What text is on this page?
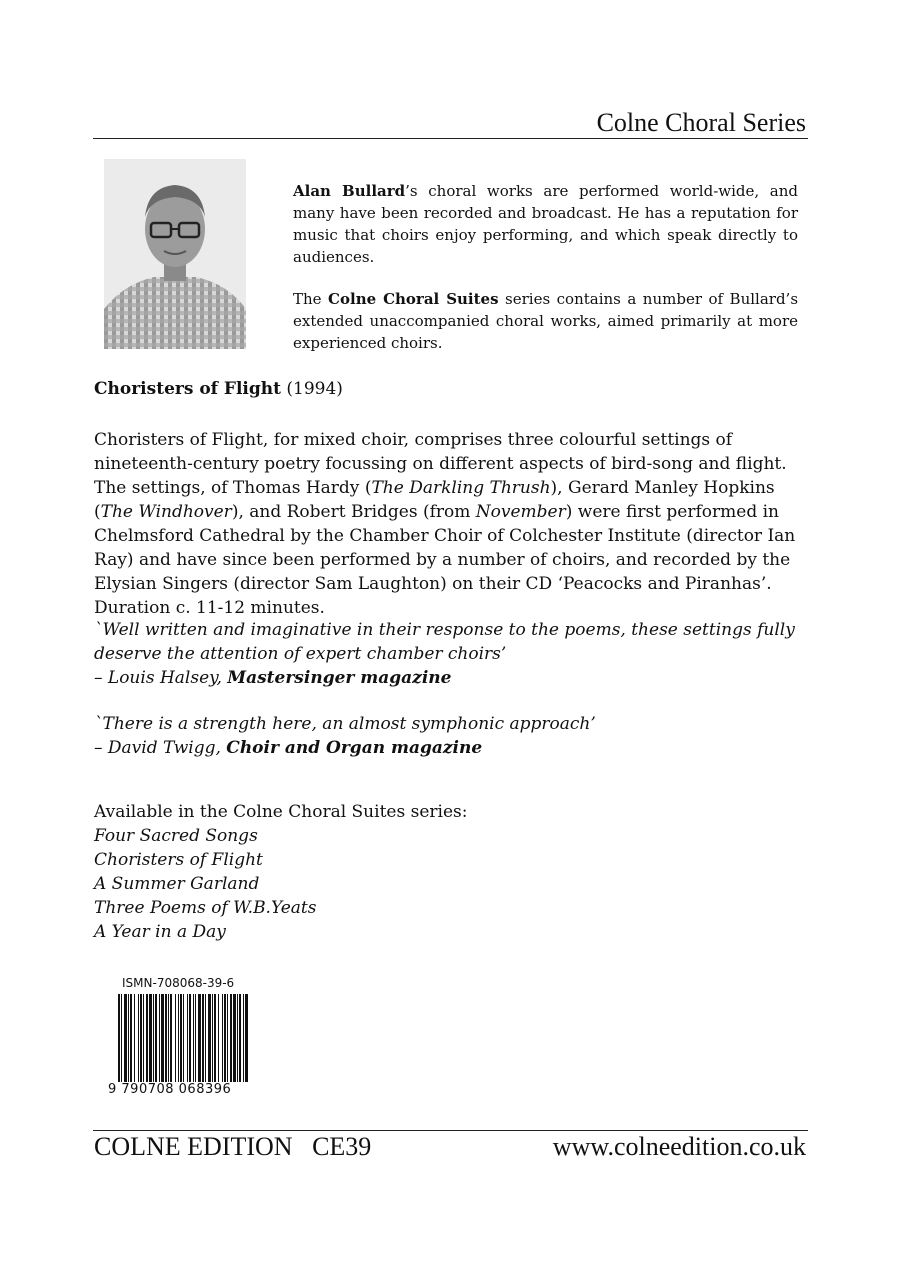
Colne Choral Series

Alan Bullard’s choral works are performed world-wide, and many have been recorded and broadcast. He has a reputation for music that choirs enjoy performing, and which speak directly to audiences.

The Colne Choral Suites series contains a number of Bullard’s extended unaccompanied choral works, aimed primarily at more experienced choirs.

Choristers of Flight (1994)
Choristers of Flight, for mixed choir, comprises three colourful settings of nineteenth-century poetry focussing on different aspects of bird-song and flight. The settings, of Thomas Hardy (The Darkling Thrush), Gerard Manley Hopkins (The Windhover), and Robert Bridges (from November) were first performed in Chelmsford Cathedral by the Chamber Choir of Colchester Institute (director Ian Ray) and have since been performed by a number of choirs, and recorded by the Elysian Singers (director Sam Laughton) on their CD ‘Peacocks and Piranhas’. Duration c. 11-12 minutes.
`Well written and imaginative in their response to the poems, these settings fully deserve the attention of expert chamber choirs’
– Louis Halsey, Mastersinger magazine
`There is a strength here, an almost symphonic approach’
– David Twigg, Choir and Organ magazine
Available in the Colne Choral Suites series:
Four Sacred Songs
Choristers of Flight
A Summer Garland
Three Poems of W.B.Yeats
A Year in a Day
ISMN-708068-39-6
9 790708 068396
COLNE EDITION   CE39	www.colneedition.co.uk
